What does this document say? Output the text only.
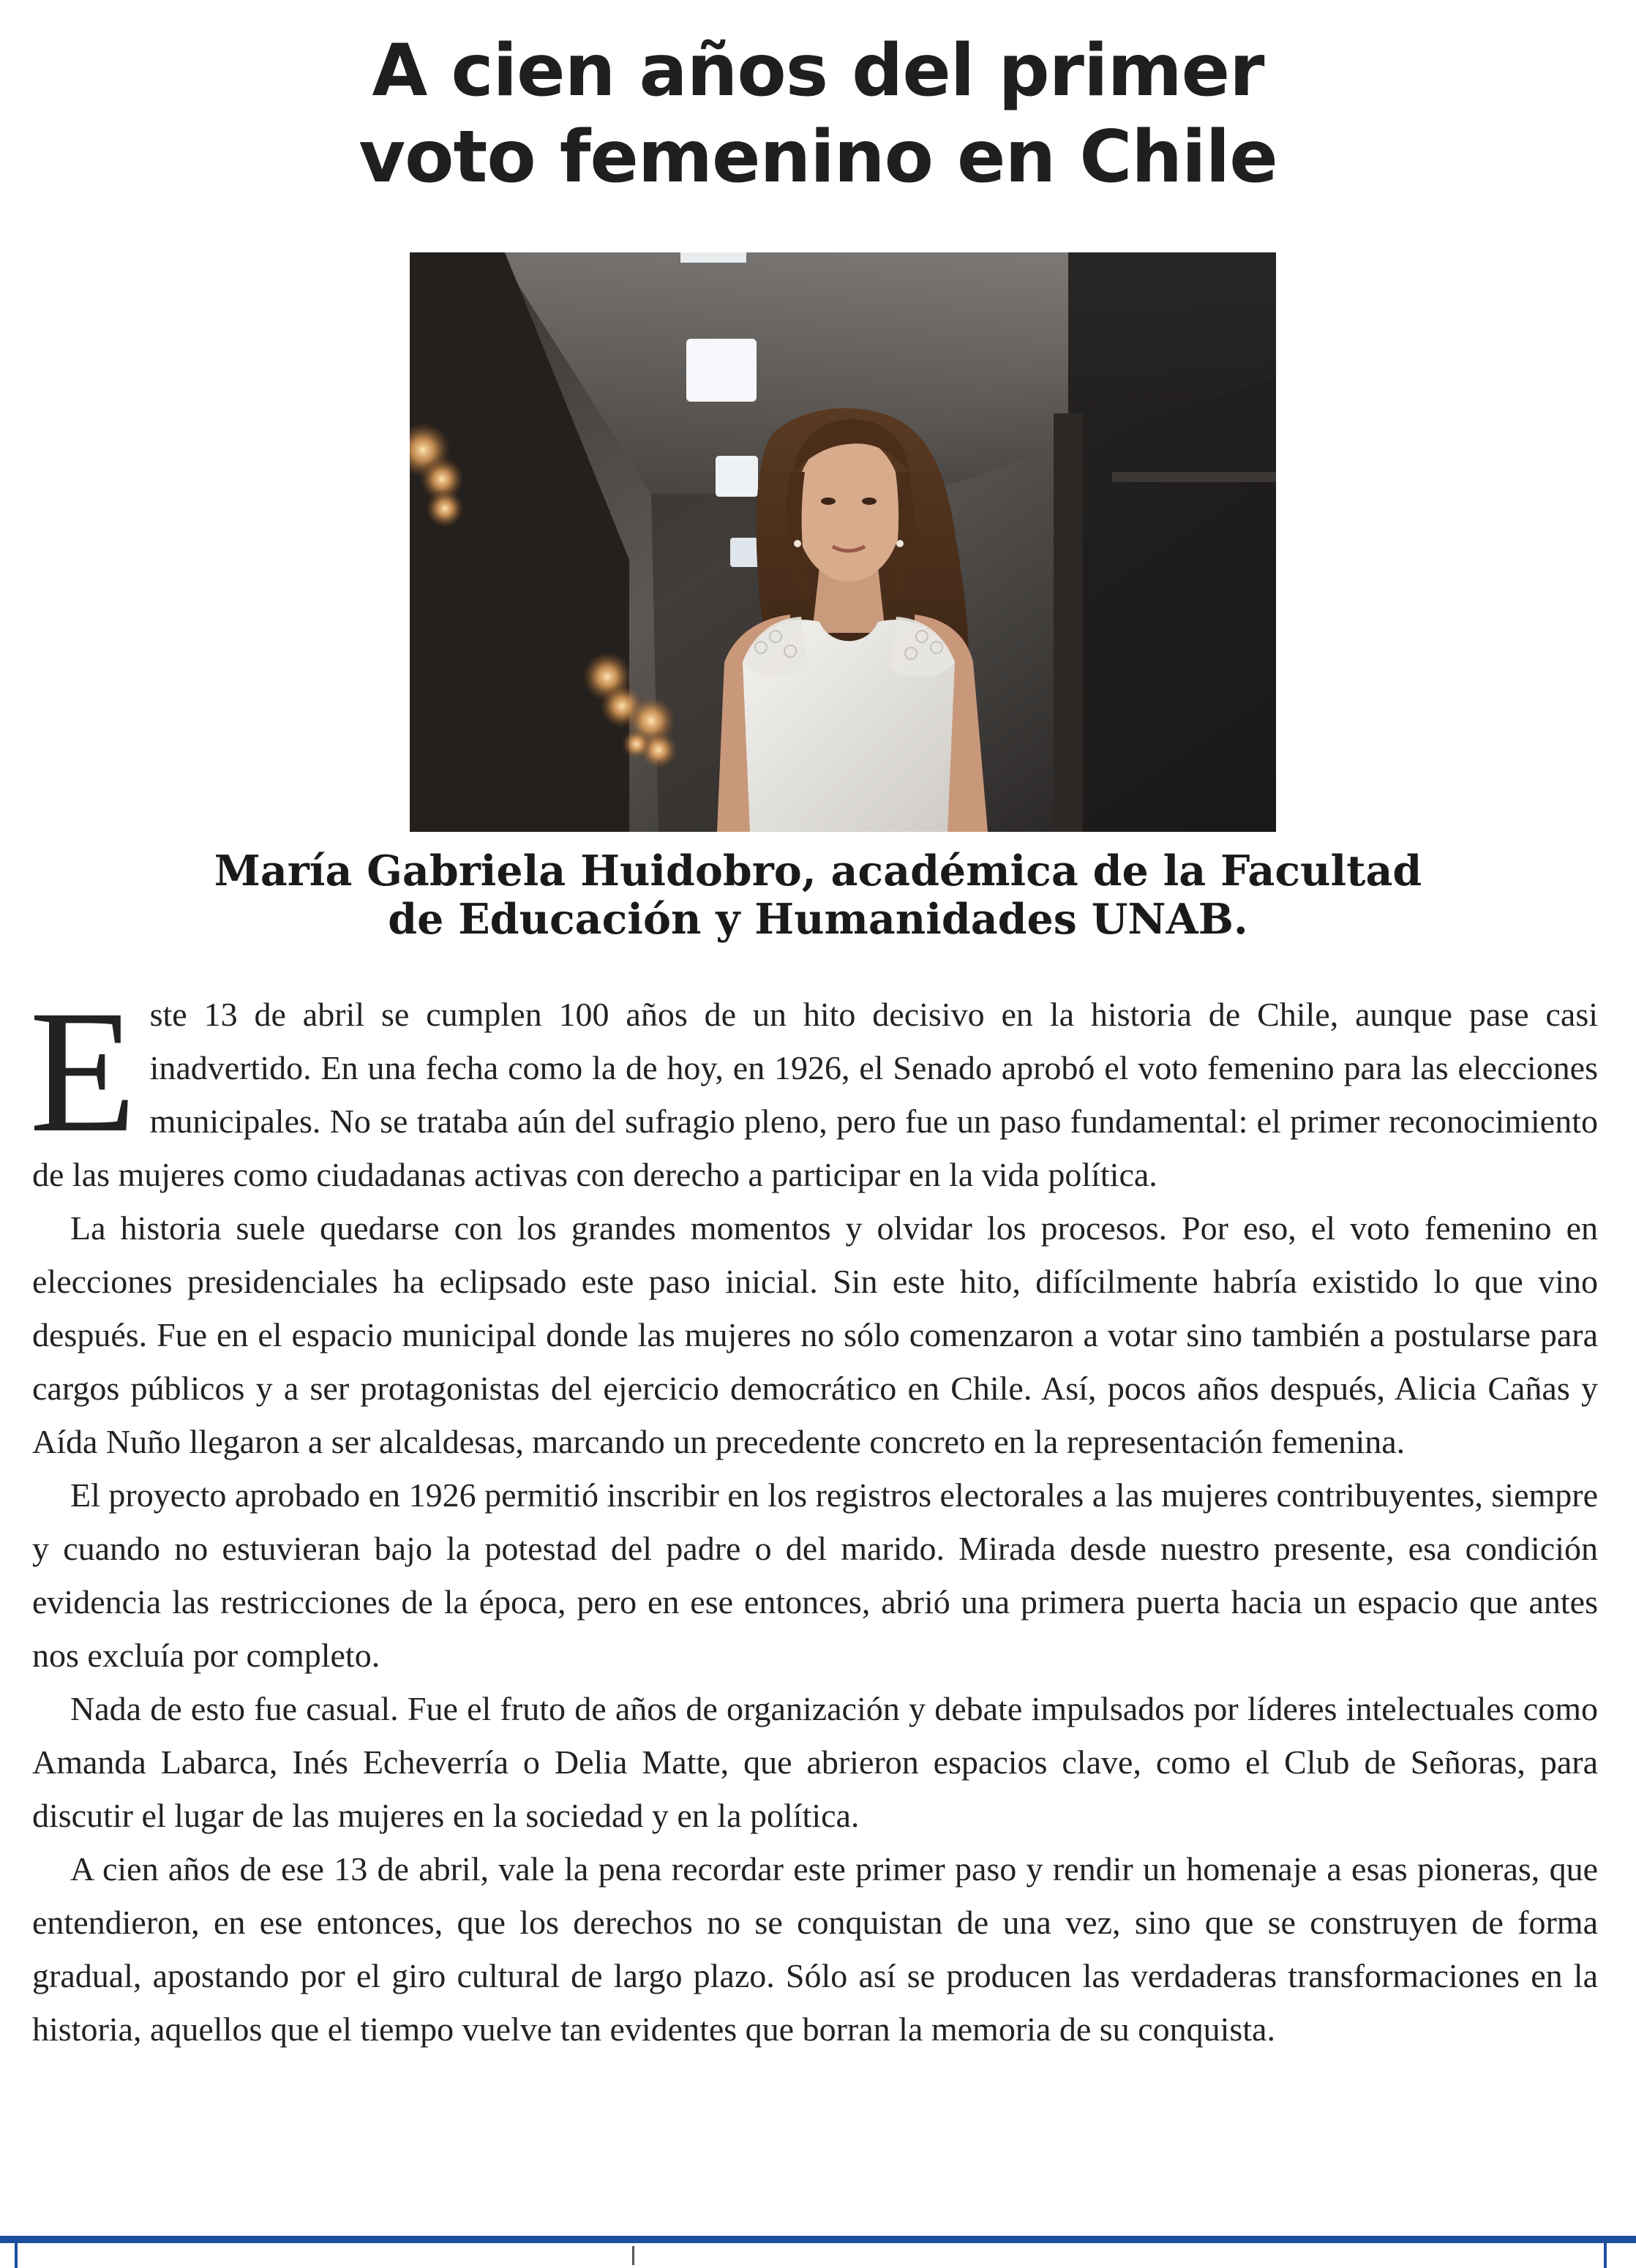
A cien años del primer
voto femenino en Chile
María Gabriela Huidobro, académica de la Facultad
de Educación y Humanidades UNAB.

Este 13 de abril se cumplen 100 años de un hito decisivo en la historia de Chile, aunque pase casi inadvertido. En una fecha como la de hoy, en 1926, el Senado aprobó el voto femenino para las elecciones municipales. No se trataba aún del sufragio pleno, pero fue un paso fundamental: el primer reconocimiento de las mujeres como ciudadanas activas con derecho a participar en la vida política.

La historia suele quedarse con los grandes momentos y olvidar los procesos. Por eso, el voto femenino en elecciones presidenciales ha eclipsado este paso inicial. Sin este hito, difícilmente habría existido lo que vino después. Fue en el espacio municipal donde las mujeres no sólo comenzaron a votar sino también a postularse para cargos públicos y a ser protagonistas del ejercicio democrático en Chile. Así, pocos años después, Alicia Cañas y Aída Nuño llegaron a ser alcaldesas, marcando un precedente concreto en la representación femenina.

El proyecto aprobado en 1926 permitió inscribir en los registros electorales a las mujeres contribuyentes, siempre y cuando no estuvieran bajo la potestad del padre o del marido. Mirada desde nuestro presente, esa condición evidencia las restricciones de la época, pero en ese entonces, abrió una primera puerta hacia un espacio que antes nos excluía por completo.

Nada de esto fue casual. Fue el fruto de años de organización y debate impulsados por líderes intelectuales como Amanda Labarca, Inés Echeverría o Delia Matte, que abrieron espacios clave, como el Club de Señoras, para discutir el lugar de las mujeres en la sociedad y en la política.

A cien años de ese 13 de abril, vale la pena recordar este primer paso y rendir un homenaje a esas pioneras, que entendieron, en ese entonces, que los derechos no se conquistan de una vez, sino que se construyen de forma gradual, apostando por el giro cultural de largo plazo. Sólo así se producen las verdaderas transformaciones en la historia, aquellos que el tiempo vuelve tan evidentes que borran la memoria de su conquista.
